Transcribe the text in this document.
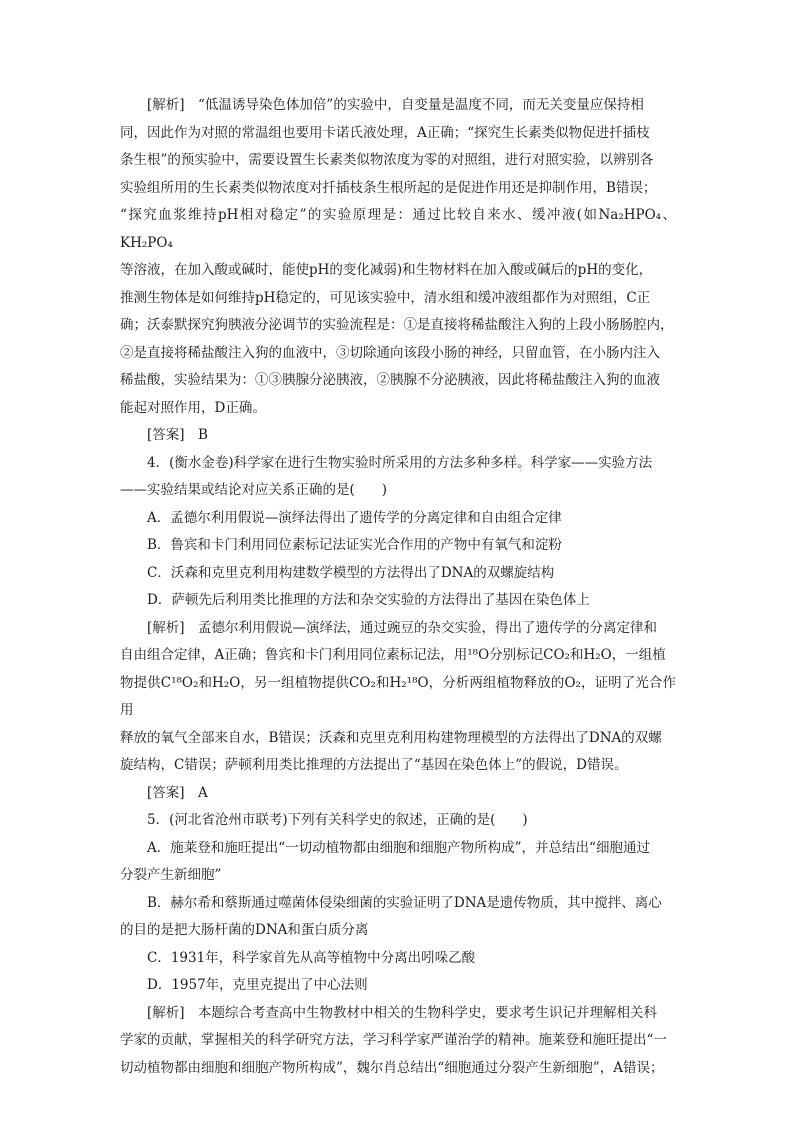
[解析]　“低温诱导染色体加倍”的实验中，自变量是温度不同，而无关变量应保持相

同，因此作为对照的常温组也要用卡诺氏液处理，A正确；“探究生长素类似物促进扦插枝

条生根”的预实验中，需要设置生长素类似物浓度为零的对照组，进行对照实验，以辨别各

实验组所用的生长素类似物浓度对扦插枝条生根所起的是促进作用还是抑制作用，B错误；

“探究血浆维持pH相对稳定”的实验原理是：通过比较自来水、缓冲液(如Na₂HPO₄、KH₂PO₄

等溶液，在加入酸或碱时，能使pH的变化减弱)和生物材料在加入酸或碱后的pH的变化，

推测生物体是如何维持pH稳定的，可见该实验中，清水组和缓冲液组都作为对照组，C正

确；沃泰默探究狗胰液分泌调节的实验流程是：①是直接将稀盐酸注入狗的上段小肠肠腔内，

②是直接将稀盐酸注入狗的血液中，③切除通向该段小肠的神经，只留血管，在小肠内注入

稀盐酸，实验结果为：①③胰腺分泌胰液，②胰腺不分泌胰液，因此将稀盐酸注入狗的血液

能起对照作用，D正确。

[答案]　B

4．(衡水金卷)科学家在进行生物实验时所采用的方法多种多样。科学家——实验方法

——实验结果或结论对应关系正确的是(　　)

A．孟德尔利用假说—演绎法得出了遗传学的分离定律和自由组合定律

B．鲁宾和卡门利用同位素标记法证实光合作用的产物中有氧气和淀粉

C．沃森和克里克利用构建数学模型的方法得出了DNA的双螺旋结构

D．萨顿先后利用类比推理的方法和杂交实验的方法得出了基因在染色体上

[解析]　孟德尔利用假说—演绎法，通过豌豆的杂交实验，得出了遗传学的分离定律和

自由组合定律，A正确；鲁宾和卡门利用同位素标记法，用¹⁸O分别标记CO₂和H₂O，一组植

物提供C¹⁸O₂和H₂O，另一组植物提供CO₂和H₂¹⁸O，分析两组植物释放的O₂，证明了光合作用

释放的氧气全部来自水，B错误；沃森和克里克利用构建物理模型的方法得出了DNA的双螺

旋结构，C错误；萨顿利用类比推理的方法提出了“基因在染色体上”的假说，D错误。

[答案]　A

5．(河北省沧州市联考)下列有关科学史的叙述，正确的是(　　)

A．施莱登和施旺提出“一切动植物都由细胞和细胞产物所构成”，并总结出“细胞通过

分裂产生新细胞”

B．赫尔希和蔡斯通过噬菌体侵染细菌的实验证明了DNA是遗传物质，其中搅拌、离心

的目的是把大肠杆菌的DNA和蛋白质分离

C．1931年，科学家首先从高等植物中分离出吲哚乙酸

D．1957年，克里克提出了中心法则

[解析]　本题综合考查高中生物教材中相关的生物科学史，要求考生识记并理解相关科

学家的贡献，掌握相关的科学研究方法，学习科学家严谨治学的精神。施莱登和施旺提出“一

切动植物都由细胞和细胞产物所构成”，魏尔肖总结出“细胞通过分裂产生新细胞”，A错误；
